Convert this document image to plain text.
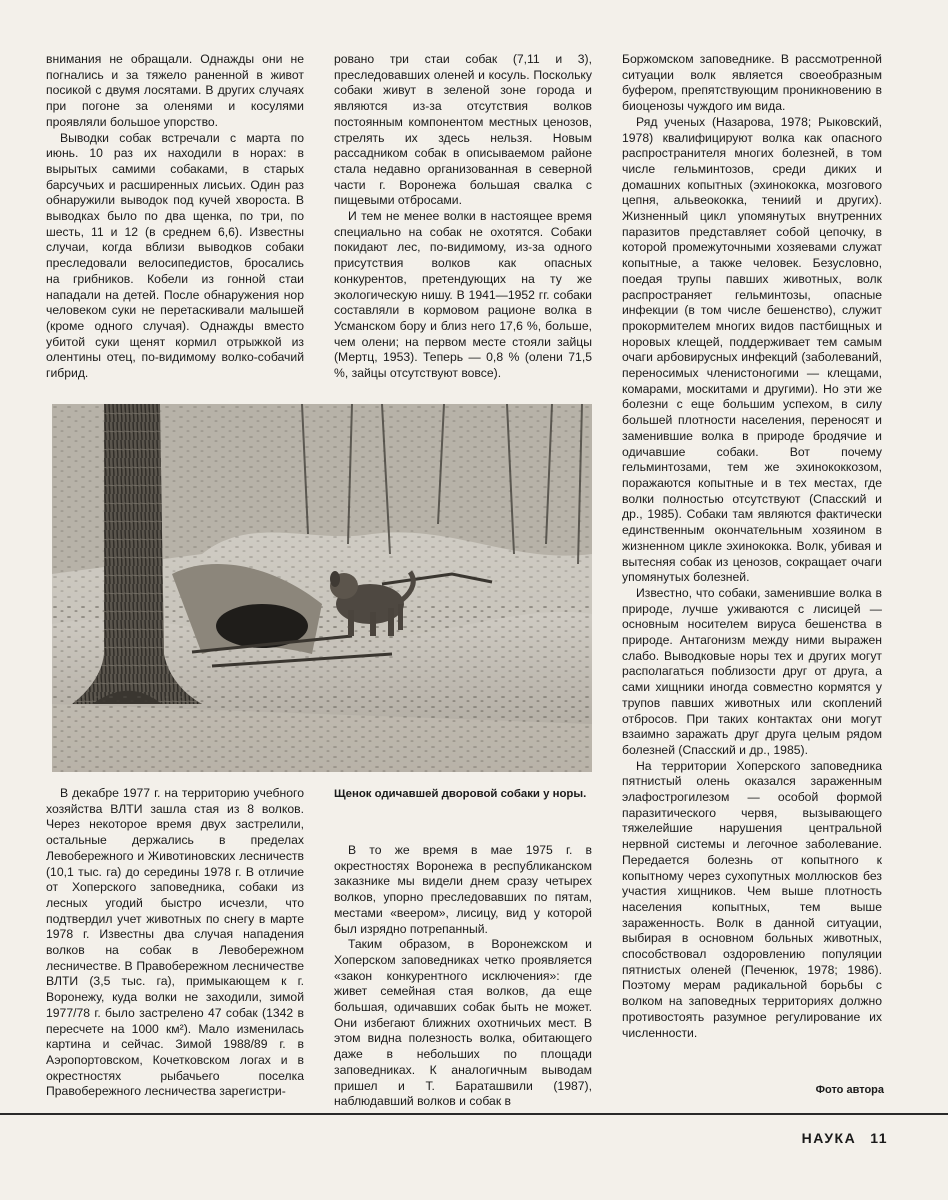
внимания не обращали. Однажды они не погнались и за тяжело раненной в живот посикой с двумя лосятами. В других случаях при погоне за оленями и косулями проявляли большое упорство.

Выводки собак встречали с марта по июнь. 10 раз их находили в норах: в вырытых самими собаками, в старых барсучьих и расширенных лисьих. Один раз обнаружили выводок под кучей хвороста. В выводках было по два щенка, по три, по шесть, 11 и 12 (в среднем 6,6). Известны случаи, когда вблизи выводков собаки преследовали велосипедистов, бросались на грибников. Кобели из гонной стаи нападали на детей. После обнаружения нор человеком суки не перетаскивали малышей (кроме одного случая). Однажды вместо убитой суки щенят кормил отрыжкой из олентины отец, по-видимому волко-собачий гибрид.

ровано три стаи собак (7,11 и 3), преследовавших оленей и косуль. Поскольку собаки живут в зеленой зоне города и являются из-за отсутствия волков постоянным компонентом местных ценозов, стрелять их здесь нельзя. Новым рассадником собак в описываемом районе стала недавно организованная в северной части г. Воронежа большая свалка с пищевыми отбросами.

И тем не менее волки в настоящее время специально на собак не охотятся. Собаки покидают лес, по-видимому, из-за одного присутствия волков как опасных конкурентов, претендующих на ту же экологическую нишу. В 1941—1952 гг. собаки составляли в кормовом рационе волка в Усманском бору и близ него 17,6 %, больше, чем олени; на первом месте стояли зайцы (Мертц, 1953). Теперь — 0,8 % (олени 71,5 %, зайцы отсутствуют вовсе).

Боржомском заповеднике. В рассмотренной ситуации волк является своеобразным буфером, препятствующим проникновению в биоценозы чуждого им вида.

Ряд ученых (Назарова, 1978; Рыковский, 1978) квалифицируют волка как опасного распространителя многих болезней, в том числе гельминтозов, среди диких и домашних копытных (эхинококка, мозгового цепня, альвеококка, тениий и других). Жизненный цикл упомянутых внутренних паразитов представляет собой цепочку, в которой промежуточными хозяевами служат копытные, а также человек. Безусловно, поедая трупы павших животных, волк распространяет гельминтозы, опасные инфекции (в том числе бешенство), служит прокормителем многих видов пастбищных и норовых клещей, поддерживает тем самым очаги арбовирусных инфекций (заболеваний, переносимых членистоногими — клещами, комарами, москитами и другими). Но эти же болезни с еще большим успехом, в силу большей плотности населения, переносят и заменившие волка в природе бродячие и одичавшие собаки. Вот почему гельминтозами, тем же эхинококкозом, поражаются копытные и в тех местах, где волки полностью отсутствуют (Спасский и др., 1985). Собаки там являются фактически единственным окончательным хозяином в жизненном цикле эхинококка. Волк, убивая и вытесняя собак из ценозов, сокращает очаги упомянутых болезней.

Известно, что собаки, заменившие волка в природе, лучше уживаются с лисицей — основным носителем вируса бешенства в природе. Антагонизм между ними выражен слабо. Выводковые норы тех и других могут располагаться поблизости друг от друга, а сами хищники иногда совместно кормятся у трупов павших животных или скоплений отбросов. При таких контактах они могут взаимно заражать друг друга целым рядом болезней (Спасский и др., 1985).

На территории Хоперского заповедника пятнистый олень оказался зараженным элафострогилезом — особой формой паразитического червя, вызывающего тяжелейшие нарушения центральной нервной системы и легочное заболевание. Передается болезнь от копытного к копытному через сухопутных моллюсков без участия хищников. Чем выше плотность населения копытных, тем выше зараженность. Волк в данной ситуации, выбирая в основном больных животных, способствовал оздоровлению популяции пятнистых оленей (Печенюк, 1978; 1986). Поэтому мерам радикальной борьбы с волком на заповедных территориях должно противостоять разумное регулирование их численности.

Щенок одичавшей дворовой собаки у норы.

В декабре 1977 г. на территорию учебного хозяйства ВЛТИ зашла стая из 8 волков. Через некоторое время двух застрелили, остальные держались в пределах Левобережного и Животиновских лесничеств (10,1 тыс. га) до середины 1978 г. В отличие от Хоперского заповедника, собаки из лесных угодий быстро исчезли, что подтвердил учет животных по снегу в марте 1978 г. Известны два случая нападения волков на собак в Левобережном лесничестве. В Правобережном лесничестве ВЛТИ (3,5 тыс. га), примыкающем к г. Воронежу, куда волки не заходили, зимой 1977/78 г. было застрелено 47 собак (1342 в пересчете на 1000 км²). Мало изменилась картина и сейчас. Зимой 1988/89 г. в Аэропортовском, Кочетковском логах и в окрестностях рыбачьего поселка Правобережного лесничества зарегистри-

В то же время в мае 1975 г. в окрестностях Воронежа в республиканском заказнике мы видели днем сразу четырех волков, упорно преследовавших по пятам, местами «веером», лисицу, вид у которой был изрядно потрепанный.

Таким образом, в Воронежском и Хоперском заповедниках четко проявляется «закон конкурентного исключения»: где живет семейная стая волков, да еще большая, одичавших собак быть не может. Они избегают ближних охотничьих мест. В этом видна полезность волка, обитающего даже в небольших по площади заповедниках. К аналогичным выводам пришел и Т. Бараташвили (1987), наблюдавший волков и собак в

Фото автора
НАУКА 11
